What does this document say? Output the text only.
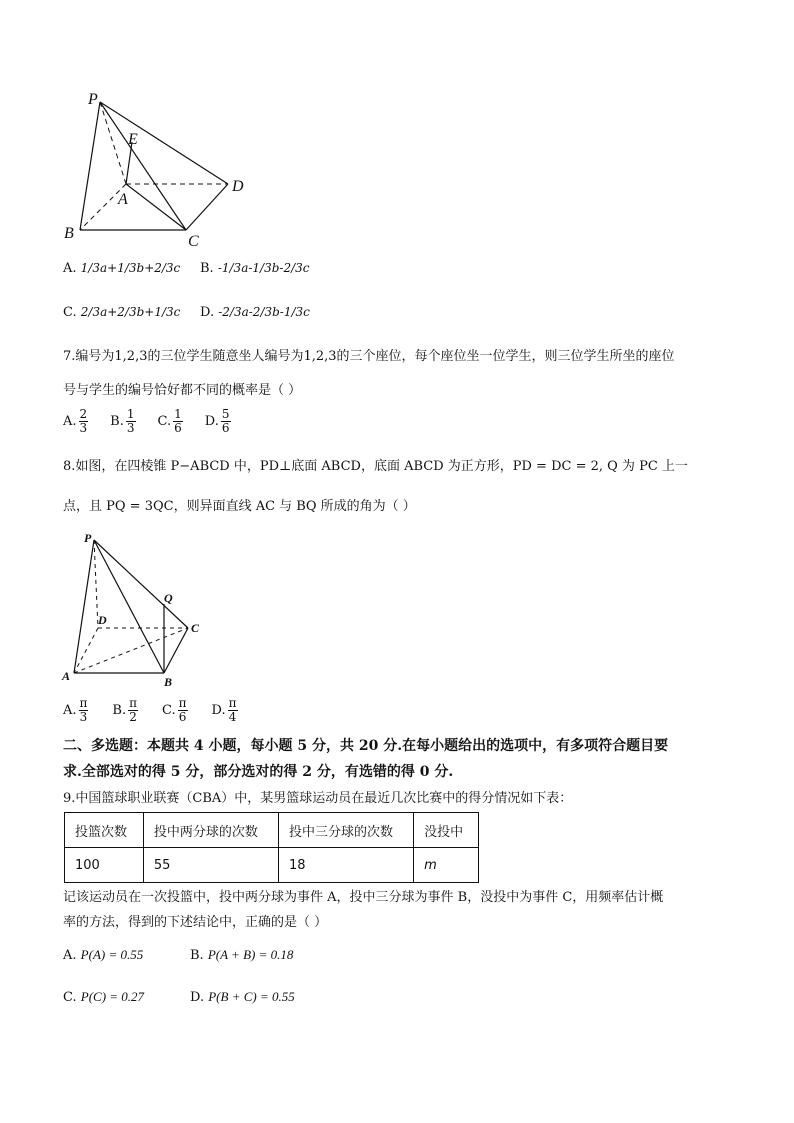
P
E
A
D
B	C
A. 1/3a+1/3b+2/3c B. -1/3a-1/3b-2/3c
C. 2/3a+2/3b+1/3c D. -2/3a-2/3b-1/3c
7.编号为1,2,3的三位学生随意坐人编号为1,2,3的三个座位，每个座位坐一位学生，则三位学生所坐的座位
号与学生的编号恰好都不同的概率是（ ）
A. $\frac{2}{3} B$. $\frac{1}{3} C$. $\frac{1}{6} D$. $\frac{5}{6}$
8.如图，在四棱锥 P−ABCD 中，PD⊥底面 ABCD，底面 ABCD 为正方形，PD = DC = 2, Q 为 PC 上一
点，且 PQ = 3QC，则异面直线 AC 与 BQ 所成的角为（ ）
P
Q
D
C
A	B
A. $\frac{\pi}{3} B$. $\frac{\pi}{2} C$. $\frac{\pi}{6} D$. $\frac{\pi}{4}$
二、多选题：本题共 4 小题，每小题 5 分，共 20 分.在每小题给出的选项中，有多项符合题目要
求.全部选对的得 5 分，部分选对的得 2 分，有选错的得 0 分.
9.中国篮球职业联赛（CBA）中，某男篮球运动员在最近几次比赛中的得分情况如下表：
投篮次数	投中两分球的次数	投中三分球的次数	没投中
100	55	18	m
记该运动员在一次投篮中，投中两分球为事件 A，投中三分球为事件 B，没投中为事件 C，用频率估计概
率的方法，得到的下述结论中，正确的是（ ）
A. P(A) = 0.55	B. P(A + B) = 0.18
C. P(C) = 0.27	D. P(B + C) = 0.55
